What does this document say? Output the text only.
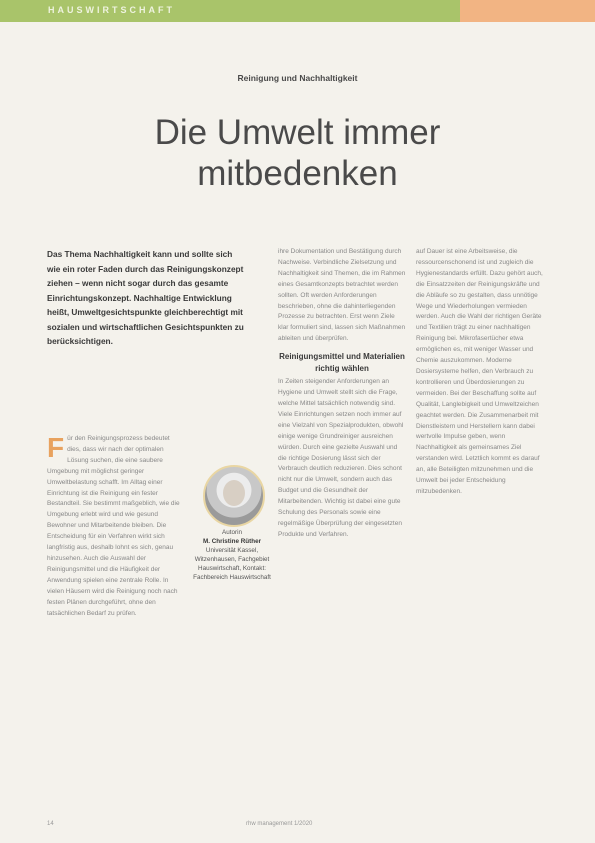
HAUSWIRTSCHAFT
Reinigung und Nachhaltigkeit
Die Umwelt immer
mitbedenken
Das Thema Nachhaltigkeit kann und sollte sich wie ein roter Faden durch das Reinigungskonzept ziehen – wenn nicht sogar durch das gesamte Einrichtungskonzept. Nachhaltige Entwicklung heißt, Umweltgesichtspunkte gleichberechtigt mit sozialen und wirtschaftlichen Gesichtspunkten zu berücksichtigen.
F ür den Reinigungsprozess bedeutet dies, dass wir nach der optimalen Lösung suchen, die eine saubere Umgebung mit möglichst geringer Umweltbelastung schafft. Im Alltag einer Einrichtung ist die Reinigung ein fester Bestandteil. Sie bestimmt maßgeblich, wie die Umgebung erlebt wird und wie gesund Bewohner und Mitarbeitende bleiben. Die Entscheidung für ein Verfahren wirkt sich langfristig aus, deshalb lohnt es sich, genau hinzusehen. Auch die Auswahl der Reinigungsmittel und die Häufigkeit der Anwendung spielen eine zentrale Rolle. In vielen Häusern wird die Reinigung noch nach festen Plänen durchgeführt, ohne den tatsächlichen Bedarf zu prüfen.

Autorin
M. Christine Rüther
Universität Kassel, Witzenhausen, Fachgebiet Hauswirtschaft, Kontakt: Fachbereich Hauswirtschaft

ihre Dokumentation und Bestätigung durch Nachweise. Verbindliche Zielsetzung und Nachhaltigkeit sind Themen, die im Rahmen eines Gesamtkonzepts betrachtet werden sollten. Oft werden Anforderungen beschrieben, ohne die dahinterliegenden Prozesse zu betrachten. Erst wenn Ziele klar formuliert sind, lassen sich Maßnahmen ableiten und überprüfen.

Reinigungsmittel und Materialien richtig wählen

In Zeiten steigender Anforderungen an Hygiene und Umwelt stellt sich die Frage, welche Mittel tatsächlich notwendig sind. Viele Einrichtungen setzen noch immer auf eine Vielzahl von Spezialprodukten, obwohl einige wenige Grundreiniger ausreichen würden. Durch eine gezielte Auswahl und die richtige Dosierung lässt sich der Verbrauch deutlich reduzieren. Dies schont nicht nur die Umwelt, sondern auch das Budget und die Gesundheit der Mitarbeitenden. Wichtig ist dabei eine gute Schulung des Personals sowie eine regelmäßige Überprüfung der eingesetzten Produkte und Verfahren.

auf Dauer ist eine Arbeitsweise, die ressourcenschonend ist und zugleich die Hygienestandards erfüllt. Dazu gehört auch, die Einsatzzeiten der Reinigungskräfte und die Abläufe so zu gestalten, dass unnötige Wege und Wiederholungen vermieden werden. Auch die Wahl der richtigen Geräte und Textilien trägt zu einer nachhaltigen Reinigung bei. Mikrofasertücher etwa ermöglichen es, mit weniger Wasser und Chemie auszukommen. Moderne Dosiersysteme helfen, den Verbrauch zu kontrollieren und Überdosierungen zu vermeiden. Bei der Beschaffung sollte auf Qualität, Langlebigkeit und Umweltzeichen geachtet werden. Die Zusammenarbeit mit Dienstleistern und Herstellern kann dabei wertvolle Impulse geben, wenn Nachhaltigkeit als gemeinsames Ziel verstanden wird. Letztlich kommt es darauf an, alle Beteiligten mitzunehmen und die Umwelt bei jeder Entscheidung mitzubedenken.

14	rhw management 1/2020
